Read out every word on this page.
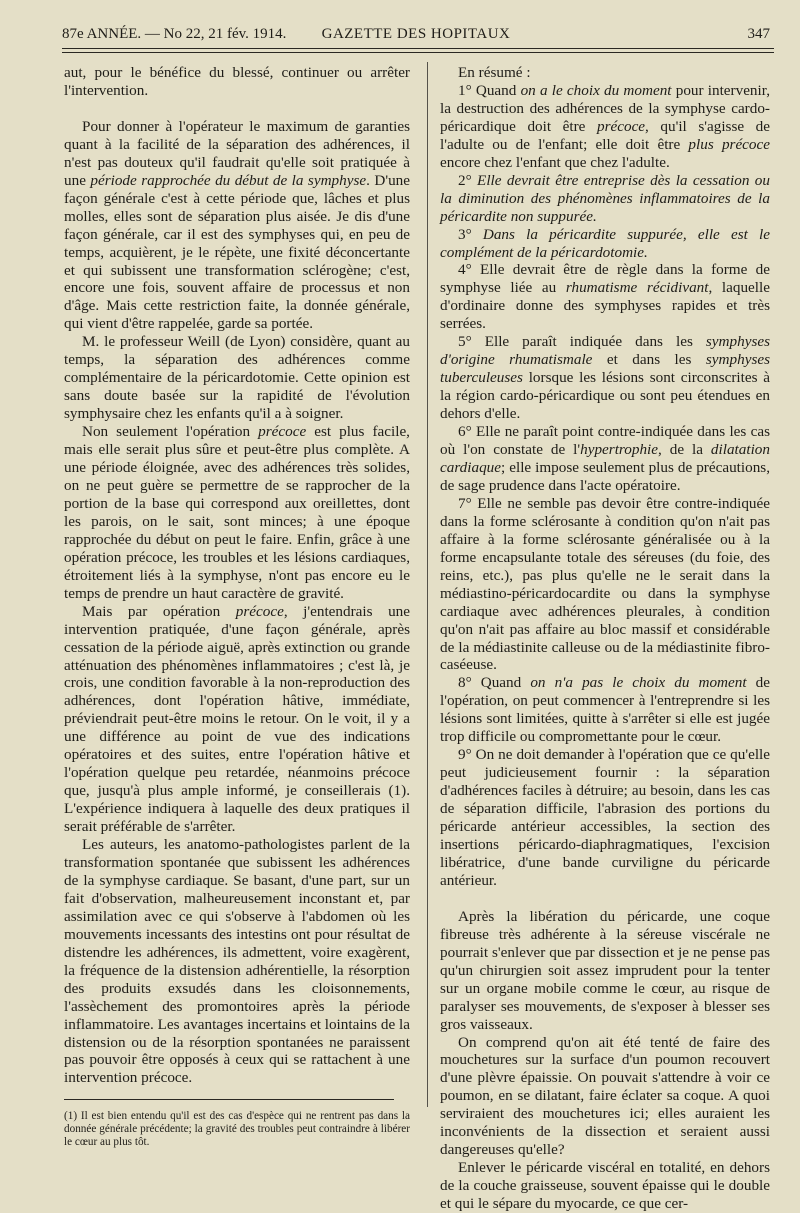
87e ANNÉE. — No 22, 21 fév. 1914.	GAZETTE DES HOPITAUX	347

aut, pour le bénéfice du blessé, continuer ou arrêter l'intervention.

Pour donner à l'opérateur le maximum de garanties quant à la facilité de la séparation des adhérences, il n'est pas douteux qu'il faudrait qu'elle soit pratiquée à une période rapprochée du début de la symphyse. D'une façon générale c'est à cette période que, lâches et plus molles, elles sont de séparation plus aisée. Je dis d'une façon générale, car il est des symphyses qui, en peu de temps, acquièrent, je le répète, une fixité déconcertante et qui subissent une transformation sclérogène; c'est, encore une fois, souvent affaire de processus et non d'âge. Mais cette restriction faite, la donnée générale, qui vient d'être rappelée, garde sa portée.

M. le professeur Weill (de Lyon) considère, quant au temps, la séparation des adhérences comme complémentaire de la péricardotomie. Cette opinion est sans doute basée sur la rapidité de l'évolution symphysaire chez les enfants qu'il a à soigner.

Non seulement l'opération précoce est plus facile, mais elle serait plus sûre et peut-être plus complète. A une période éloignée, avec des adhérences très solides, on ne peut guère se permettre de se rapprocher de la portion de la base qui correspond aux oreillettes, dont les parois, on le sait, sont minces; à une époque rapprochée du début on peut le faire. Enfin, grâce à une opération précoce, les troubles et les lésions cardiaques, étroitement liés à la symphyse, n'ont pas encore eu le temps de prendre un haut caractère de gravité.

Mais par opération précoce, j'entendrais une intervention pratiquée, d'une façon générale, après cessation de la période aiguë, après extinction ou grande atténuation des phénomènes inflammatoires ; c'est là, je crois, une condition favorable à la non-reproduction des adhérences, dont l'opération hâtive, immédiate, préviendrait peut-être moins le retour. On le voit, il y a une différence au point de vue des indications opératoires et des suites, entre l'opération hâtive et l'opération quelque peu retardée, néanmoins précoce que, jusqu'à plus ample informé, je conseillerais (1). L'expérience indiquera à laquelle des deux pratiques il serait préférable de s'arrêter.

Les auteurs, les anatomo-pathologistes parlent de la transformation spontanée que subissent les adhérences de la symphyse cardiaque. Se basant, d'une part, sur un fait d'observation, malheureusement inconstant et, par assimilation avec ce qui s'observe à l'abdomen où les mouvements incessants des intestins ont pour résultat de distendre les adhérences, ils admettent, voire exagèrent, la fréquence de la distension adhérentielle, la résorption des produits exsudés dans les cloisonnements, l'assèchement des promontoires après la période inflammatoire. Les avantages incertains et lointains de la distension ou de la résorption spontanées ne paraissent pas pouvoir être opposés à ceux qui se rattachent à une intervention précoce.

(1) Il est bien entendu qu'il est des cas d'espèce qui ne rentrent pas dans la donnée générale précédente; la gravité des troubles peut contraindre à libérer le cœur au plus tôt.

En résumé :

1° Quand on a le choix du moment pour intervenir, la destruction des adhérences de la symphyse cardo-péricardique doit être précoce, qu'il s'agisse de l'adulte ou de l'enfant; elle doit être plus précoce encore chez l'enfant que chez l'adulte.

2° Elle devrait être entreprise dès la cessation ou la diminution des phénomènes inflammatoires de la péricardite non suppurée.

3° Dans la péricardite suppurée, elle est le complément de la péricardotomie.

4° Elle devrait être de règle dans la forme de symphyse liée au rhumatisme récidivant, laquelle d'ordinaire donne des symphyses rapides et très serrées.

5° Elle paraît indiquée dans les symphyses d'origine rhumatismale et dans les symphyses tuberculeuses lorsque les lésions sont circonscrites à la région cardo-péricardique ou sont peu étendues en dehors d'elle.

6° Elle ne paraît point contre-indiquée dans les cas où l'on constate de l'hypertrophie, de la dilatation cardiaque; elle impose seulement plus de précautions, de sage prudence dans l'acte opératoire.

7° Elle ne semble pas devoir être contre-indiquée dans la forme sclérosante à condition qu'on n'ait pas affaire à la forme sclérosante généralisée ou à la forme encapsulante totale des séreuses (du foie, des reins, etc.), pas plus qu'elle ne le serait dans la médiastino-péricardocardite ou dans la symphyse cardiaque avec adhérences pleurales, à condition qu'on n'ait pas affaire au bloc massif et considérable de la médiastinite calleuse ou de la médiastinite fibro-caséeuse.

8° Quand on n'a pas le choix du moment de l'opération, on peut commencer à l'entreprendre si les lésions sont limitées, quitte à s'arrêter si elle est jugée trop difficile ou compromettante pour le cœur.

9° On ne doit demander à l'opération que ce qu'elle peut judicieusement fournir : la séparation d'adhérences faciles à détruire; au besoin, dans les cas de séparation difficile, l'abrasion des portions du péricarde antérieur accessibles, la section des insertions péricardo-diaphragmatiques, l'excision libératrice, d'une bande curviligne du péricarde antérieur.

Après la libération du péricarde, une coque fibreuse très adhérente à la séreuse viscérale ne pourrait s'enlever que par dissection et je ne pense pas qu'un chirurgien soit assez imprudent pour la tenter sur un organe mobile comme le cœur, au risque de paralyser ses mouvements, de s'exposer à blesser ses gros vaisseaux.

On comprend qu'on ait été tenté de faire des mouchetures sur la surface d'un poumon recouvert d'une plèvre épaissie. On pouvait s'attendre à voir ce poumon, en se dilatant, faire éclater sa coque. A quoi serviraient des mouchetures ici; elles auraient les inconvénients de la dissection et seraient aussi dangereuses qu'elle?

Enlever le péricarde viscéral en totalité, en dehors de la couche graisseuse, souvent épaisse qui le double et qui le sépare du myocarde, ce que cer-
